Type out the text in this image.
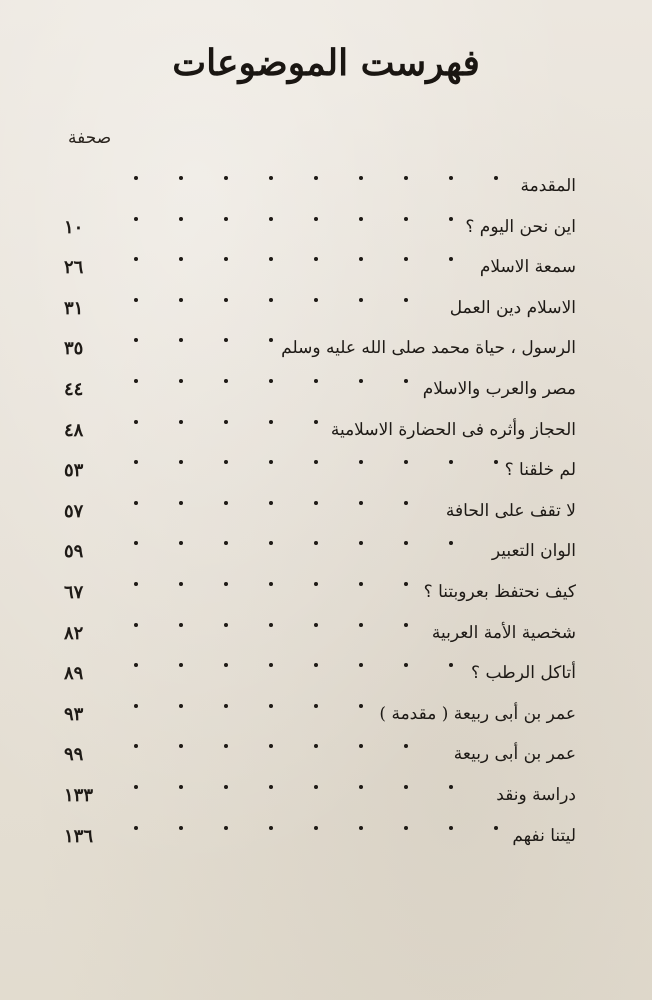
فهرست الموضوعات
صحفة
المقدمة
اين نحن اليوم ؟
١٠
سمعة الاسلام
٢٦
الاسلام دين العمل
٣١
الرسول ، حياة محمد صلى الله عليه وسلم
٣٥
مصر والعرب والاسلام
٤٤
الحجاز وأثره فى الحضارة الاسلامية
٤٨
لم خلقنا ؟
٥٣
لا تقف على الحافة
٥٧
الوان التعبير
٥٩
كيف نحتفظ بعروبتنا ؟
٦٧
شخصية الأمة العربية
٨٢
أتاكل الرطب ؟
٨٩
عمر بن أبى ربيعة ( مقدمة )
٩٣
عمر بن أبى ربيعة
٩٩
دراسة ونقد
١٣٣
ليتنا نفهم
١٣٦
